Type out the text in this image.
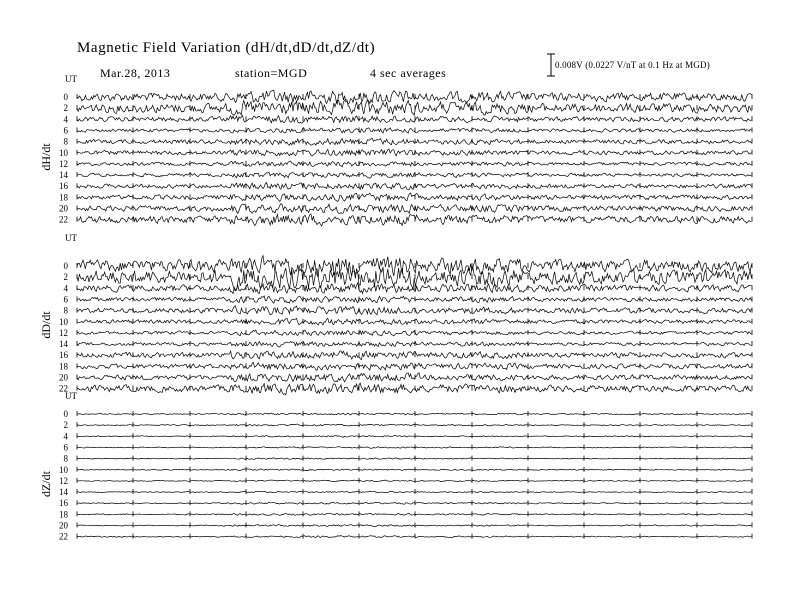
Magnetic Field Variation (dH/dt,dD/dt,dZ/dt)
Mar.28, 2013	station=MGD	4 sec averages
0.008V (0.0227 V/nT at 0.1 Hz at MGD)
UT
dH/dt
0
2
4
6
8
10
12
14
16
18
20
22
UT
dD/dt
0
2
4
6
8
10
12
14
16
18
20
22
UT
dZ/dt
0
2
4
6
8
10
12
14
16
18
20
22
